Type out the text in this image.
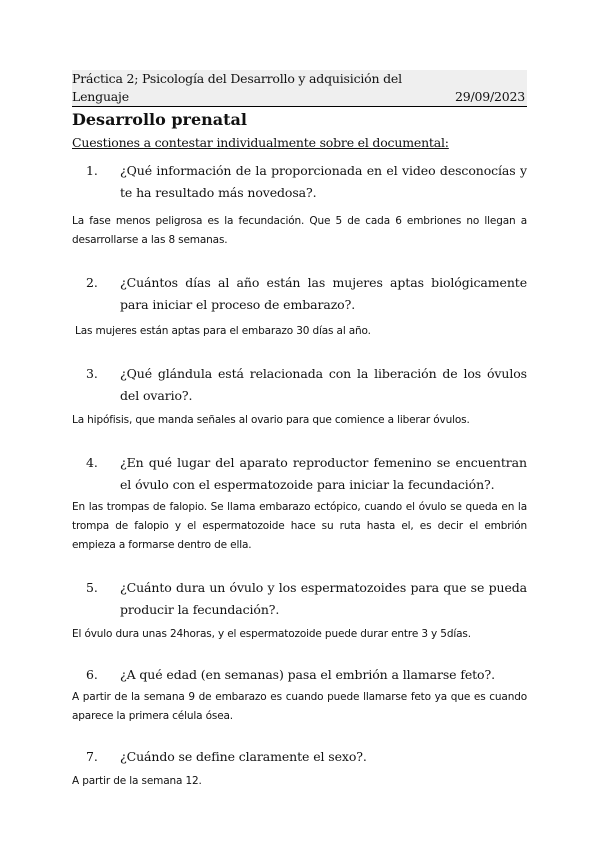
Práctica 2; Psicología del Desarrollo y adquisición del Lenguaje	29/09/2023
Desarrollo prenatal
Cuestiones a contestar individualmente sobre el documental:
1.	¿Qué información de la proporcionada en el video desconocías y te ha resultado más novedosa?.
La fase menos peligrosa es la fecundación. Que 5 de cada 6 embriones no llegan a desarrollarse a las 8 semanas.
2.	¿Cuántos días al año están las mujeres aptas biológicamente para iniciar el proceso de embarazo?.
Las mujeres están aptas para el embarazo 30 días al año.
3.	¿Qué glándula está relacionada con la liberación de los óvulos del ovario?.
La hipófisis, que manda señales al ovario para que comience a liberar óvulos.
4.	¿En qué lugar del aparato reproductor femenino se encuentran el óvulo con el espermatozoide para iniciar la fecundación?.
En las trompas de falopio. Se llama embarazo ectópico, cuando el óvulo se queda en la trompa de falopio y el espermatozoide hace su ruta hasta el, es decir el embrión empieza a formarse dentro de ella.
5.	¿Cuánto dura un óvulo y los espermatozoides para que se pueda producir la fecundación?.
El óvulo dura unas 24horas, y el espermatozoide puede durar entre 3 y 5días.
6.	¿A qué edad (en semanas) pasa el embrión a llamarse feto?.
A partir de la semana 9 de embarazo es cuando puede llamarse feto ya que es cuando aparece la primera célula ósea.
7.	¿Cuándo se define claramente el sexo?.
A partir de la semana 12.
